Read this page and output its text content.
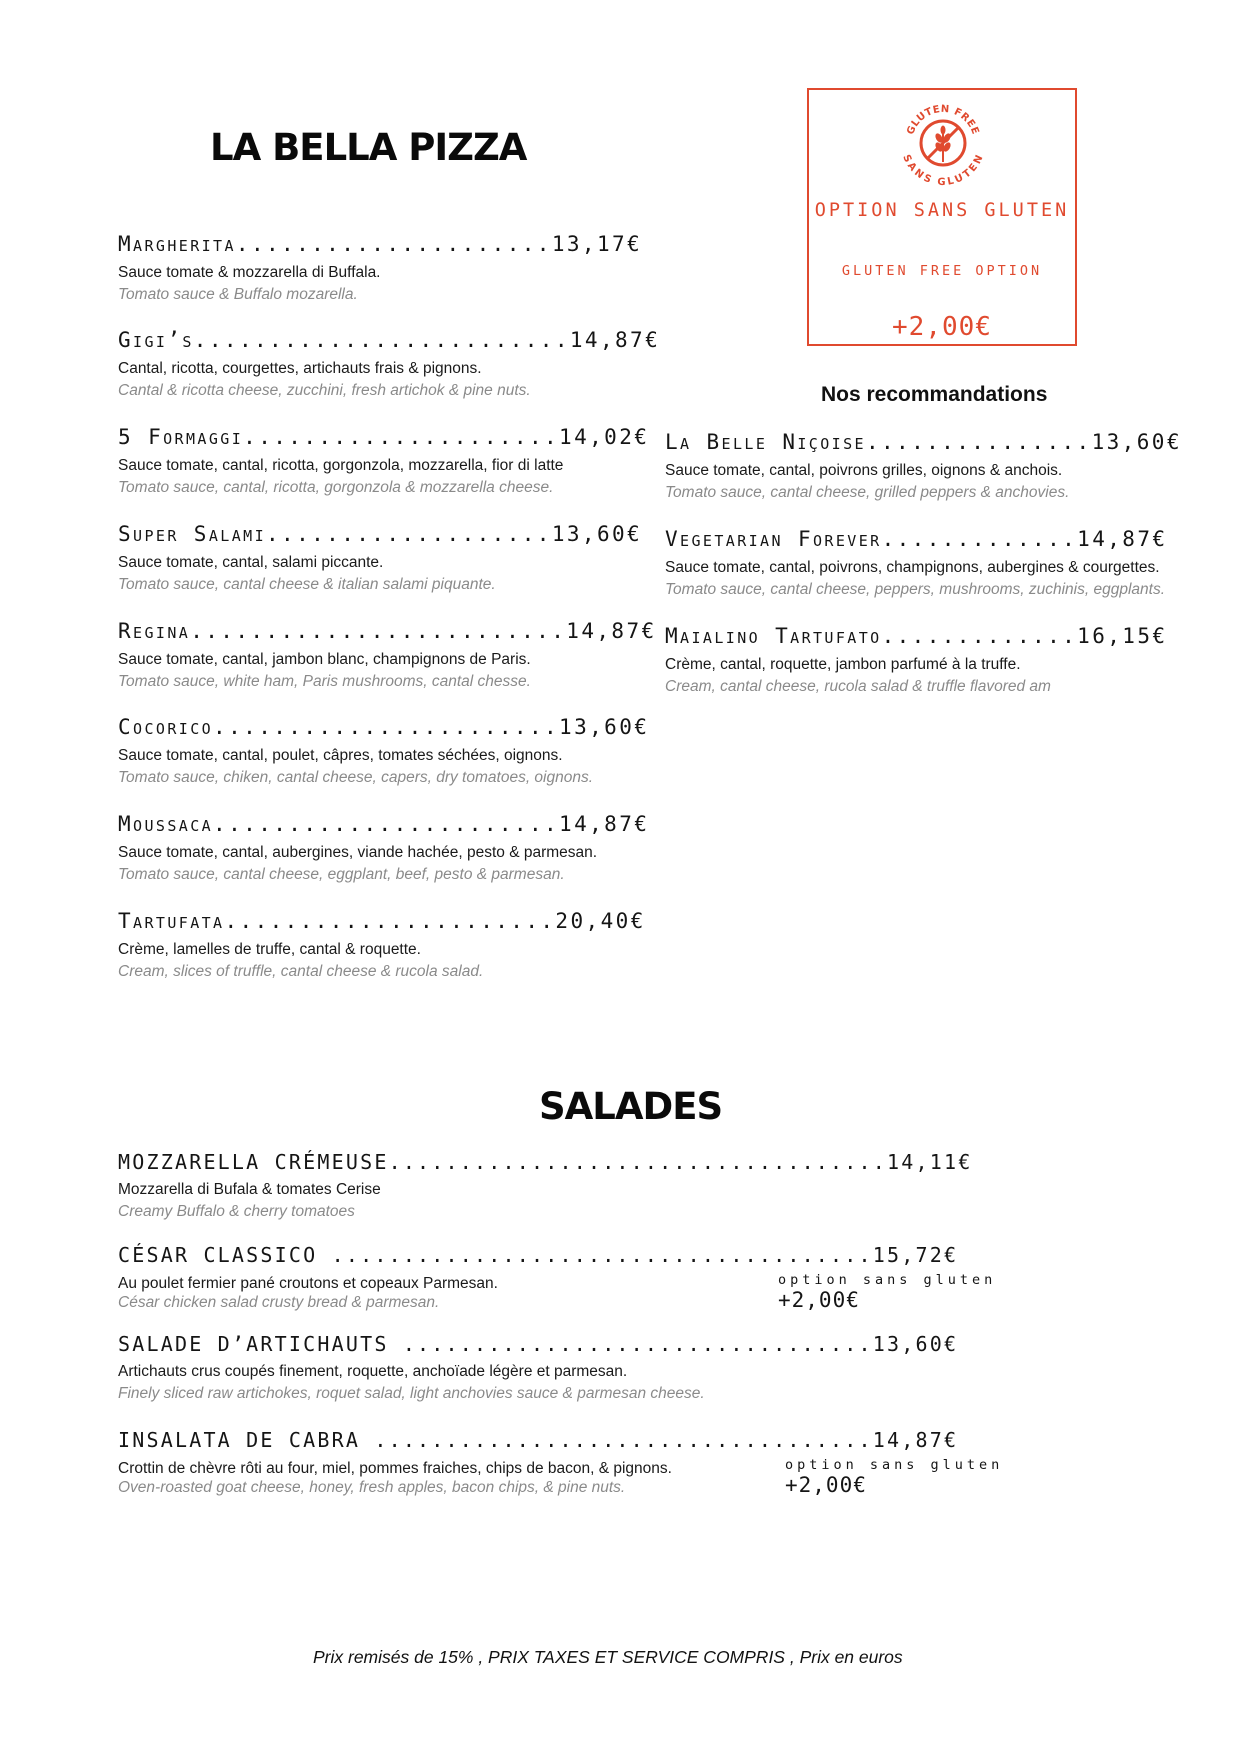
LA BELLA PIZZA
Margherita.....................13,17€
Sauce tomate & mozzarella di Buffala.
Tomato sauce & Buffalo mozarella.
Gigi’s.........................14,87€
Cantal, ricotta, courgettes, artichauts frais & pignons.
Cantal & ricotta cheese, zucchini, fresh artichok & pine nuts.
5 Formaggi.....................14,02€
Sauce tomate, cantal, ricotta, gorgonzola, mozzarella, fior di latte
Tomato sauce, cantal, ricotta, gorgonzola & mozzarella cheese.
Super Salami...................13,60€
Sauce tomate, cantal, salami piccante.
Tomato sauce, cantal cheese & italian salami piquante.
Regina.........................14,87€
Sauce tomate, cantal, jambon blanc, champignons de Paris.
Tomato sauce, white ham, Paris mushrooms, cantal chesse.
Cocorico.......................13,60€
Sauce tomate, cantal, poulet, câpres, tomates séchées, oignons.
Tomato sauce, chiken, cantal cheese, capers, dry tomatoes, oignons.
Moussaca.......................14,87€
Sauce tomate, cantal, aubergines, viande hachée, pesto & parmesan.
Tomato sauce, cantal cheese, eggplant, beef, pesto & parmesan.
Tartufata......................20,40€
Crème, lamelles de truffe, cantal & roquette.
Cream, slices of truffle, cantal cheese & rucola salad.
GLUTEN FREE
SANS GLUTEN
OPTION SANS GLUTEN
GLUTEN FREE OPTION
+2,00€
Nos recommandations
La Belle Niçoise...............13,60€
Sauce tomate, cantal, poivrons grilles, oignons & anchois.
Tomato sauce, cantal cheese, grilled peppers & anchovies.
Vegetarian Forever.............14,87€
Sauce tomate, cantal, poivrons, champignons, aubergines & courgettes.
Tomato sauce, cantal cheese, peppers, mushrooms, zuchinis, eggplants.
Maialino Tartufato.............16,15€
Crème, cantal, roquette, jambon parfumé à la truffe.
Cream, cantal cheese, rucola salad & truffle flavored am
SALADES
MOZZARELLA CRÉMEUSE...................................14,11€
Mozzarella di Bufala & tomates Cerise
Creamy Buffalo & cherry tomatoes
CÉSAR CLASSICO ......................................15,72€
Au poulet fermier pané croutons et copeaux Parmesan.	option sans gluten +2,00€
César chicken salad crusty bread & parmesan.
SALADE D’ARTICHAUTS .................................13,60€
Artichauts crus coupés finement, roquette, anchoïade légère et parmesan.
Finely sliced raw artichokes, roquet salad, light anchovies sauce & parmesan cheese.
INSALATA DE CABRA ...................................14,87€
Crottin de chèvre rôti au four, miel, pommes fraiches, chips de bacon, & pignons.	option sans gluten +2,00€
Oven-roasted goat cheese, honey, fresh apples, bacon chips, & pine nuts.
Prix remisés de 15% , PRIX TAXES ET SERVICE COMPRIS , Prix en euros
